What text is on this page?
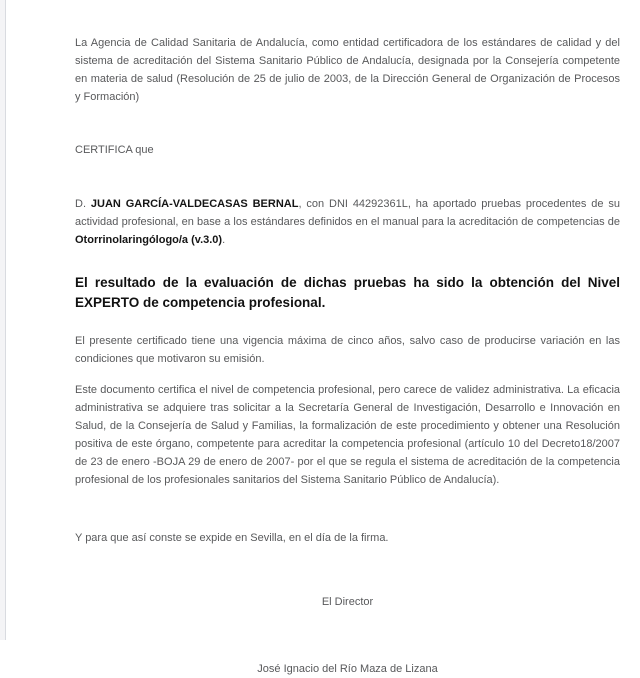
La Agencia de Calidad Sanitaria de Andalucía, como entidad certificadora de los estándares de calidad y del sistema de acreditación del Sistema Sanitario Público de Andalucía, designada por la Consejería competente en materia de salud (Resolución de 25 de julio de 2003, de la Dirección General de Organización de Procesos y Formación)

CERTIFICA que

D. JUAN GARCÍA-VALDECASAS BERNAL, con DNI 44292361L, ha aportado pruebas procedentes de su actividad profesional, en base a los estándares definidos en el manual para la acreditación de competencias de Otorrinolaringólogo/a (v.3.0).

El resultado de la evaluación de dichas pruebas ha sido la obtención del Nivel EXPERTO de competencia profesional.

El presente certificado tiene una vigencia máxima de cinco años, salvo caso de producirse variación en las condiciones que motivaron su emisión.

Este documento certifica el nivel de competencia profesional, pero carece de validez administrativa. La eficacia administrativa se adquiere tras solicitar a la Secretaría General de Investigación, Desarrollo e Innovación en Salud, de la Consejería de Salud y Familias, la formalización de este procedimiento y obtener una Resolución positiva de este órgano, competente para acreditar la competencia profesional (artículo 10 del Decreto18/2007 de 23 de enero -BOJA 29 de enero de 2007- por el que se regula el sistema de acreditación de la competencia profesional de los profesionales sanitarios del Sistema Sanitario Público de Andalucía).

Y para que así conste se expide en Sevilla, en el día de la firma.

El Director

José Ignacio del Río Maza de Lizana
